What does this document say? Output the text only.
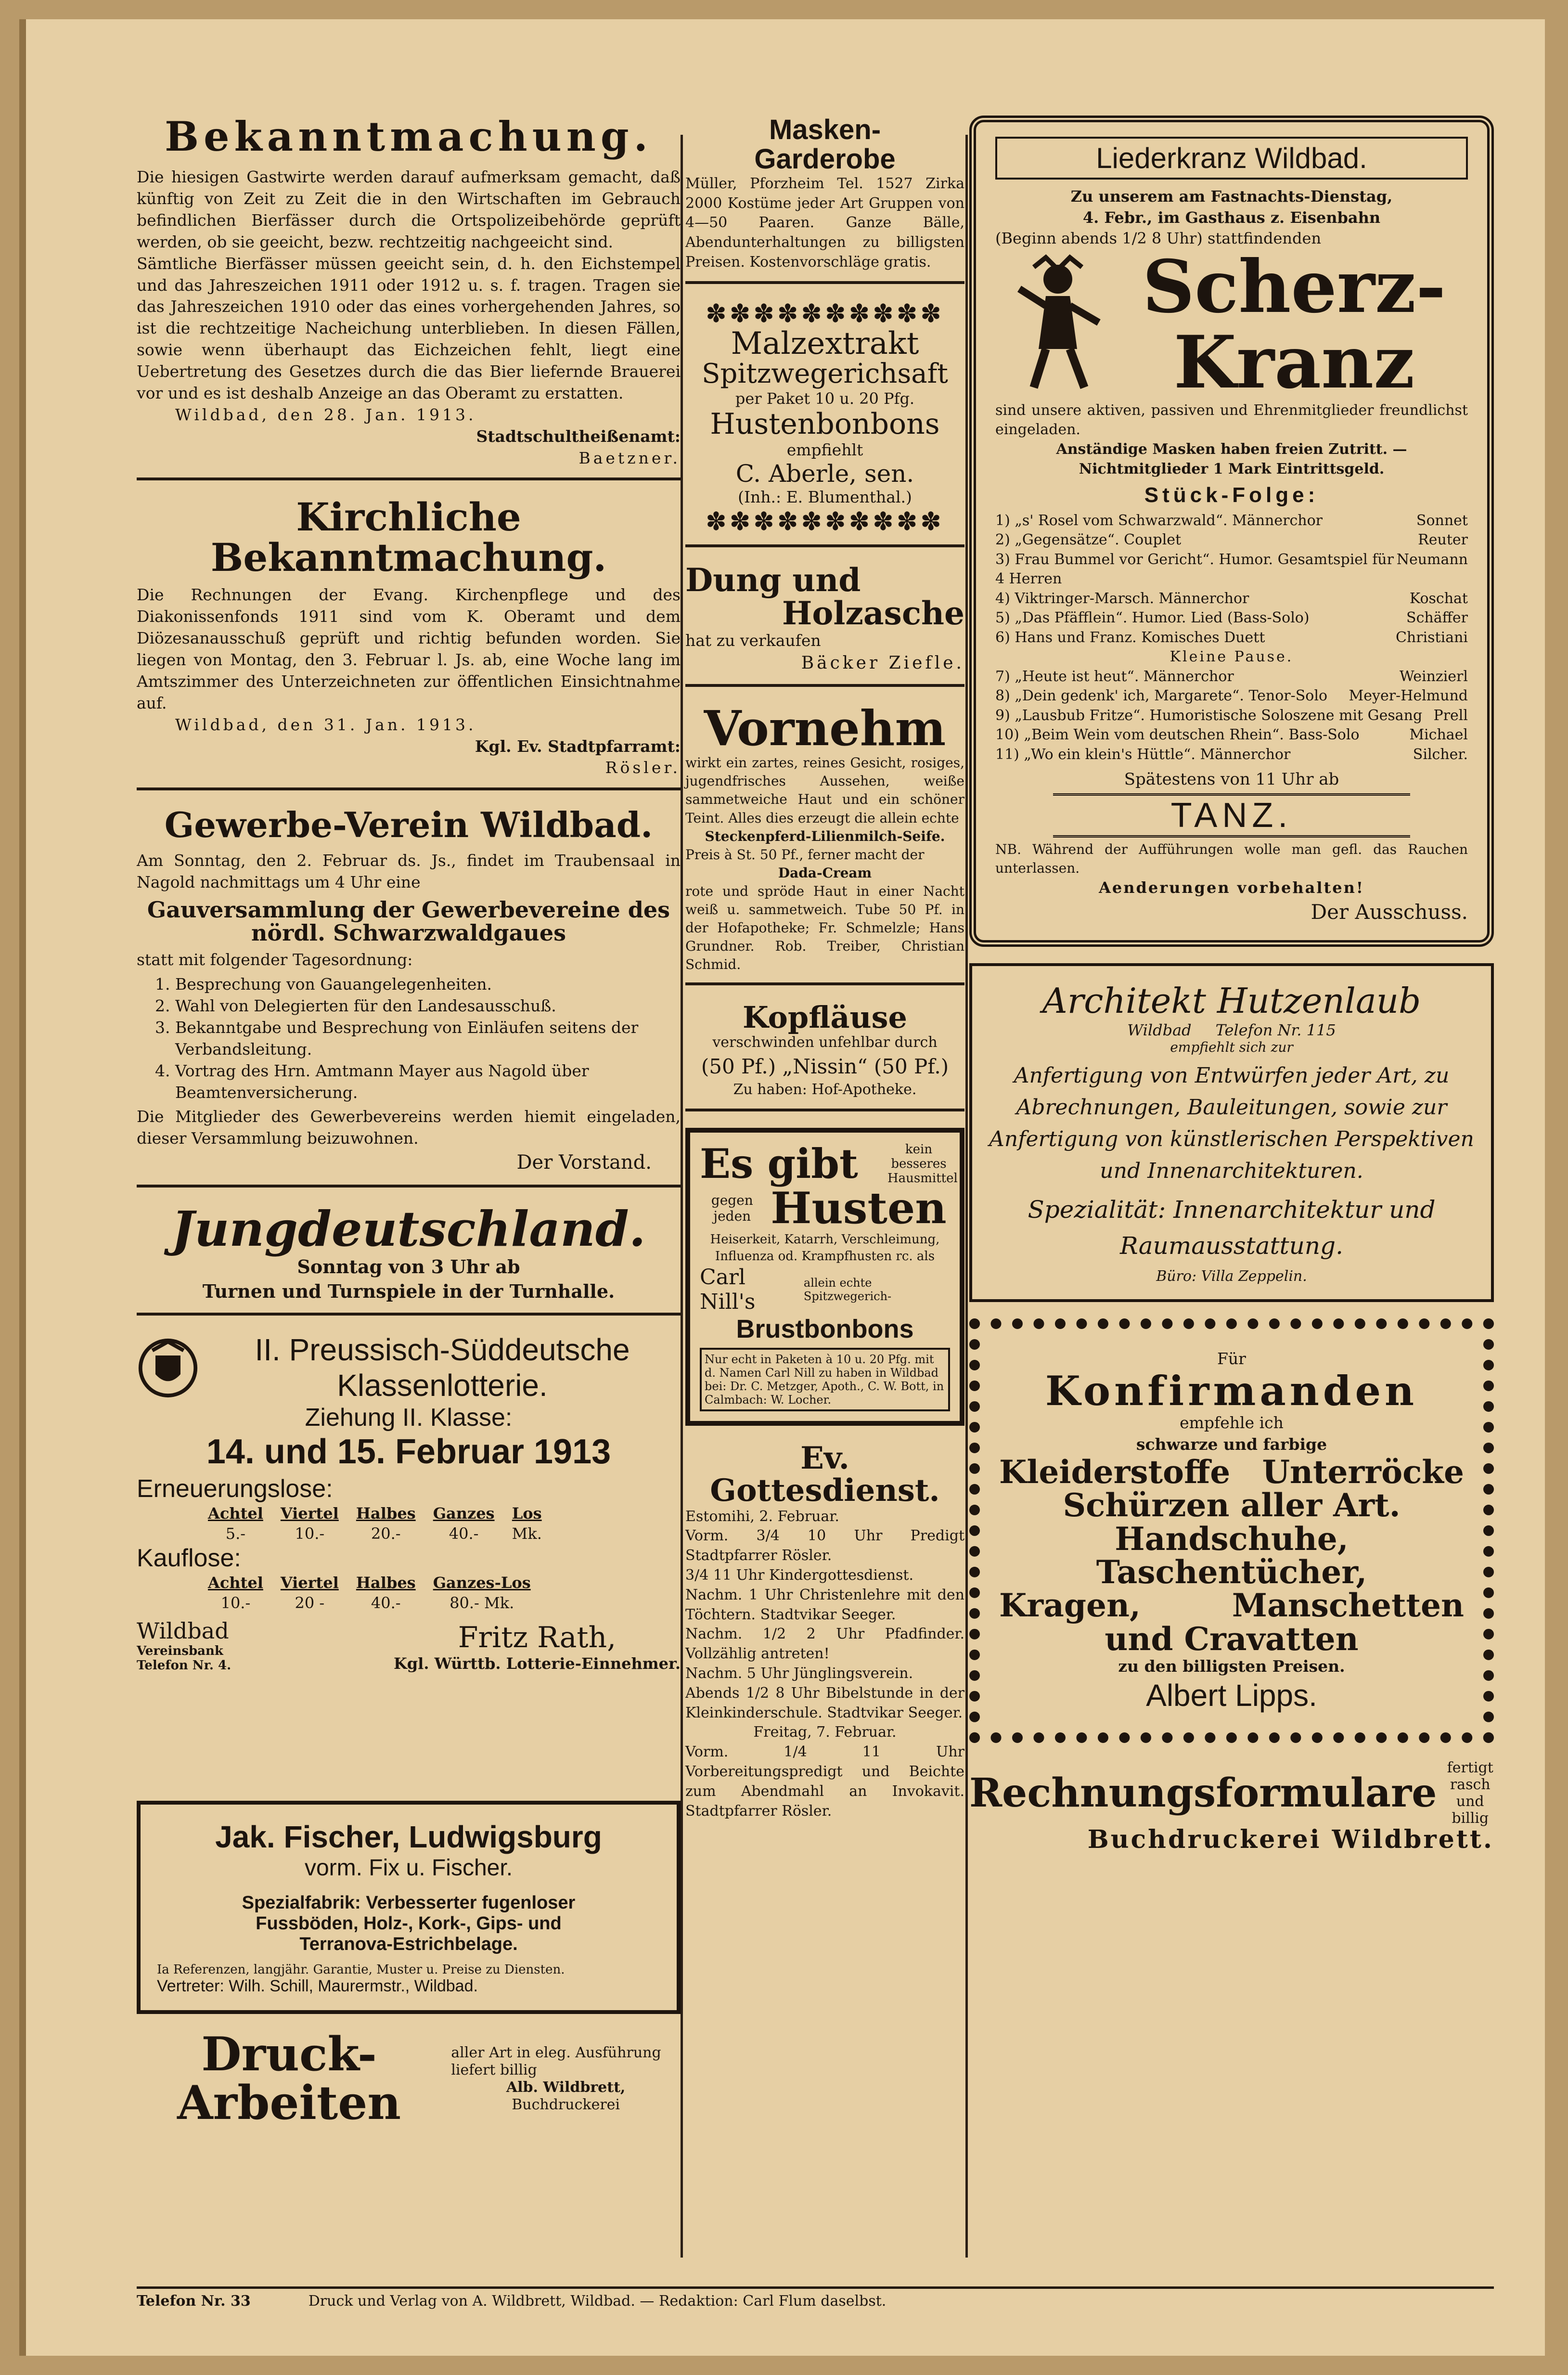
Bekanntmachung.
Die hiesigen Gastwirte werden darauf aufmerksam gemacht, daß künftig von Zeit zu Zeit die in den Wirtschaften im Gebrauch befindlichen Bierfässer durch die Ortspolizeibehörde geprüft werden, ob sie geeicht, bezw. rechtzeitig nachgeeicht sind.
Sämtliche Bierfässer müssen geeicht sein, d. h. den Eichstempel und das Jahreszeichen 1911 oder 1912 u. s. f. tragen. Tragen sie das Jahreszeichen 1910 oder das eines vorhergehenden Jahres, so ist die rechtzeitige Nacheichung unterblieben. In diesen Fällen, sowie wenn überhaupt das Eichzeichen fehlt, liegt eine Uebertretung des Gesetzes durch die das Bier liefernde Brauerei vor und es ist deshalb Anzeige an das Oberamt zu erstatten.
Wildbad, den 28. Jan. 1913.
Stadtschultheißenamt:
Baetzner.
Kirchliche Bekanntmachung.
Die Rechnungen der Evang. Kirchenpflege und des Diakonissenfonds 1911 sind vom K. Oberamt und dem Diözesanausschuß geprüft und richtig befunden worden. Sie liegen von Montag, den 3. Februar l. Js. ab, eine Woche lang im Amtszimmer des Unterzeichneten zur öffentlichen Einsichtnahme auf.
Wildbad, den 31. Jan. 1913.
Kgl. Ev. Stadtpfarramt:
Rösler.
Gewerbe-Verein Wildbad.
Am Sonntag, den 2. Februar ds. Js., findet im Traubensaal in Nagold nachmittags um 4 Uhr eine
Gauversammlung der Gewerbevereine des nördl. Schwarzwaldgaues
statt mit folgender Tagesordnung:
1. Besprechung von Gauangelegenheiten.
2. Wahl von Delegierten für den Landesausschuß.
3. Bekanntgabe und Besprechung von Einläufen seitens der Verbandsleitung.
4. Vortrag des Hrn. Amtmann Mayer aus Nagold über Beamtenversicherung.
Die Mitglieder des Gewerbevereins werden hiemit eingeladen, dieser Versammlung beizuwohnen.
Der Vorstand.
Jungdeutschland.
Sonntag von 3 Uhr ab
Turnen und Turnspiele in der Turnhalle.
II. Preussisch-Süddeutsche
Klassenlotterie.
Ziehung II. Klasse:
14. und 15. Februar 1913
Erneuerungslose:
Achtel	Viertel	Halbes	Ganzes	Los
5.-	10.-	20.-	40.-	Mk.
Kauflose:
Achtel	Viertel	Halbes	Ganzes-Los
10.-	20 -	40.-	80.- Mk.
Wildbad
Vereinsbank
Telefon Nr. 4.
Fritz Rath,
Kgl. Württb. Lotterie-Einnehmer.
Jak. Fischer, Ludwigsburg
vorm. Fix u. Fischer.
Spezialfabrik: Verbesserter fugenloser
Fussböden, Holz-, Kork-, Gips- und
Terranova-Estrichbelage.
Ia Referenzen, langjähr. Garantie, Muster u. Preise zu Diensten.
Vertreter: Wilh. Schill, Maurermstr., Wildbad.
Druck-Arbeiten
aller Art in eleg. Ausführung liefert billig
Alb. Wildbrett,
Buchdruckerei
Masken-
Garderobe
Müller, Pforzheim Tel. 1527 Zirka 2000 Kostüme jeder Art Gruppen von 4—50 Paaren. Ganze Bälle, Abendunterhaltungen zu billigsten Preisen. Kostenvorschläge gratis.
✽✽✽✽✽✽✽✽✽✽
Malzextrakt
Spitzwegerichsaft
per Paket 10 u. 20 Pfg.
Hustenbonbons
empfiehlt
C. Aberle, sen.
(Inh.: E. Blumenthal.)
✽✽✽✽✽✽✽✽✽✽
Dung und
Holzasche
hat zu verkaufen
Bäcker Ziefle.
Vornehm
wirkt ein zartes, reines Gesicht, rosiges, jugendfrisches Aussehen, weiße sammetweiche Haut und ein schöner Teint. Alles dies erzeugt die allein echte
Steckenpferd-Lilienmilch-Seife.
Preis à St. 50 Pf., ferner macht der
Dada-Cream
rote und spröde Haut in einer Nacht weiß u. sammetweich. Tube 50 Pf. in der Hofapotheke; Fr. Schmelzle; Hans Grundner. Rob. Treiber, Christian Schmid.
Kopfläuse
verschwinden unfehlbar durch
(50 Pf.) „Nissin“ (50 Pf.)
Zu haben: Hof-Apotheke.
Es gibt	kein besseres Hausmittel
gegen jeden Husten
Heiserkeit, Katarrh, Verschleimung, Influenza od. Krampfhusten rc. als
Carl Nill's
allein echte Spitzwegerich-
Brustbonbons
Nur echt in Paketen à 10 u. 20 Pfg. mit d. Namen Carl Nill zu haben in Wildbad bei: Dr. C. Metzger, Apoth., C. W. Bott, in Calmbach: W. Locher.
Ev. Gottesdienst.
Estomihi, 2. Februar.
Vorm. 3/4 10 Uhr Predigt Stadtpfarrer Rösler.
3/4 11 Uhr Kindergottesdienst.
Nachm. 1 Uhr Christenlehre mit den Töchtern. Stadtvikar Seeger.
Nachm. 1/2 2 Uhr Pfadfinder. Vollzählig antreten!
Nachm. 5 Uhr Jünglingsverein.
Abends 1/2 8 Uhr Bibelstunde in der Kleinkinderschule. Stadtvikar Seeger.
Freitag, 7. Februar.
Vorm. 1/4 11 Uhr Vorbereitungspredigt und Beichte zum Abendmahl an Invokavit. Stadtpfarrer Rösler.
Liederkranz Wildbad.
Zu unserem am Fastnachts-Dienstag,
4. Febr., im Gasthaus z. Eisenbahn
(Beginn abends 1/2 8 Uhr) stattfindenden
Scherz-
Kranz
sind unsere aktiven, passiven und Ehrenmitglieder freundlichst eingeladen.
Anständige Masken haben freien Zutritt. — Nichtmitglieder 1 Mark Eintrittsgeld.
Stück-Folge:
1) „s' Rosel vom Schwarzwald“. Männerchor	Sonnet
2) „Gegensätze“. Couplet	Reuter
3) Frau Bummel vor Gericht“. Humor. Gesamtspiel für 4 Herren
Neumann
4) Viktringer-Marsch. Männerchor	Koschat
5) „Das Pfäfflein“. Humor. Lied (Bass-Solo)	Schäffer
6) Hans und Franz. Komisches Duett	Christiani
Kleine Pause.
7) „Heute ist heut“. Männerchor	Weinzierl
8) „Dein gedenk' ich, Margarete“. Tenor-Solo Meyer-Helmund
9) „Lausbub Fritze“. Humoristische Soloszene mit Gesang Prell
10) „Beim Wein vom deutschen Rhein“. Bass-Solo	Michael
11) „Wo ein klein's Hüttle“. Männerchor	Silcher.
Spätestens von 11 Uhr ab
TANZ.
NB. Während der Aufführungen wolle man gefl. das Rauchen unterlassen.
Aenderungen vorbehalten!
Der Ausschuss.
Architekt Hutzenlaub
Wildbad Telefon Nr. 115
empfiehlt sich zur
Anfertigung von Entwürfen jeder Art, zu Abrechnungen, Bauleitungen, sowie zur Anfertigung von künstlerischen Perspektiven und Innenarchitekturen.
Spezialität: Innenarchitektur und Raumausstattung.
Büro: Villa Zeppelin.
Für
Konfirmanden
empfehle ich
schwarze und farbige
Kleiderstoffe Unterröcke
Schürzen aller Art.
Handschuhe, Taschentücher,
Kragen,	Manschetten
und Cravatten
zu den billigsten Preisen.
Albert Lipps.
Rechnungsformulare
fertigt rasch und billig
Buchdruckerei Wildbrett.
Telefon Nr. 33	Druck und Verlag von A. Wildbrett, Wildbad. — Redaktion: Carl Flum daselbst.
